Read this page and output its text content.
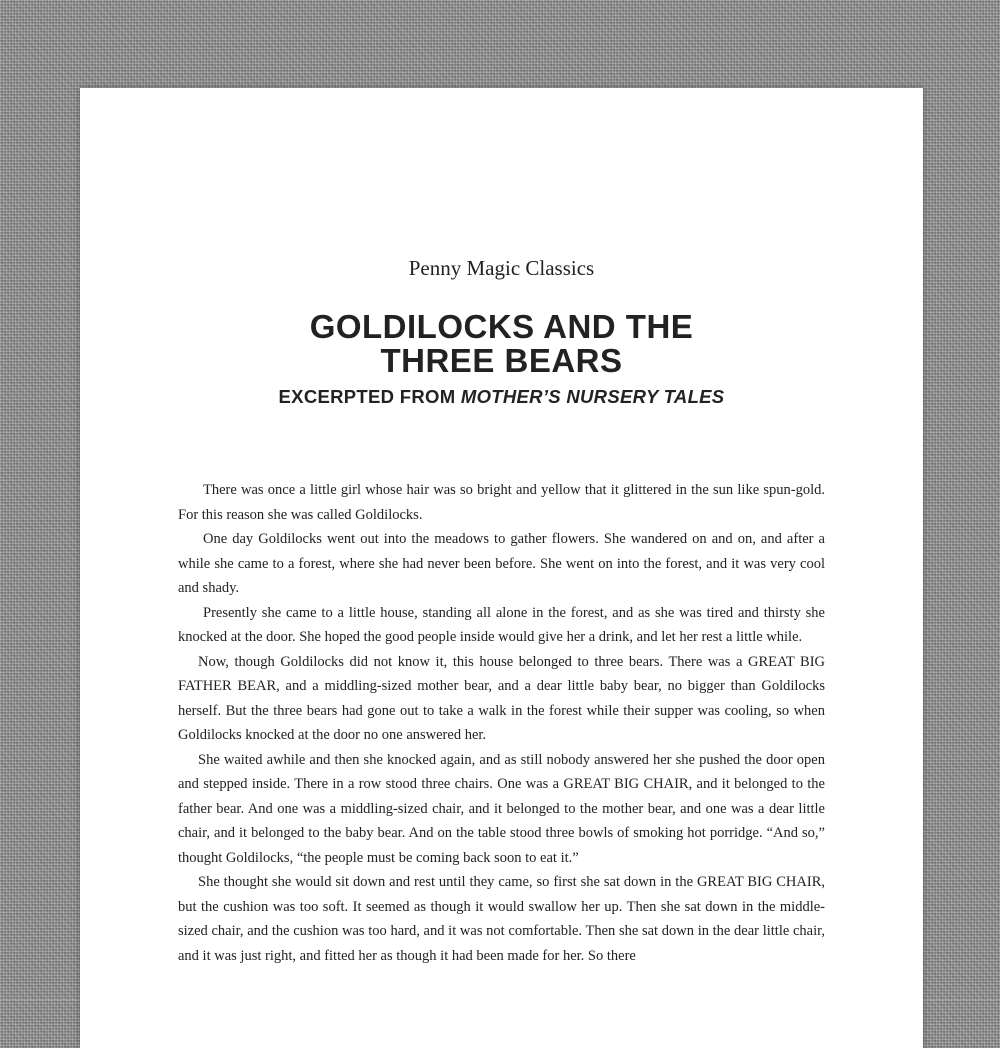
Penny Magic Classics
GOLDILOCKS AND THE
THREE BEARS
EXCERPTED FROM MOTHER’S NURSERY TALES

There was once a little girl whose hair was so bright and yellow that it glittered in the sun like spun-gold. For this reason she was called Goldilocks.

One day Goldilocks went out into the meadows to gather flowers. She wandered on and on, and after a while she came to a forest, where she had never been before. She went on into the forest, and it was very cool and shady.

Presently she came to a little house, standing all alone in the forest, and as she was tired and thirsty she knocked at the door. She hoped the good people inside would give her a drink, and let her rest a little while.

Now, though Goldilocks did not know it, this house belonged to three bears. There was a GREAT BIG FATHER BEAR, and a middling-sized mother bear, and a dear little baby bear, no bigger than Goldilocks herself. But the three bears had gone out to take a walk in the forest while their supper was cooling, so when Goldilocks knocked at the door no one answered her.

She waited awhile and then she knocked again, and as still nobody answered her she pushed the door open and stepped inside. There in a row stood three chairs. One was a GREAT BIG CHAIR, and it belonged to the father bear. And one was a middling-sized chair, and it belonged to the mother bear, and one was a dear little chair, and it belonged to the baby bear. And on the table stood three bowls of smoking hot porridge. “And so,” thought Goldilocks, “the people must be coming back soon to eat it.”

She thought she would sit down and rest until they came, so first she sat down in the GREAT BIG CHAIR, but the cushion was too soft. It seemed as though it would swallow her up. Then she sat down in the middle-sized chair, and the cushion was too hard, and it was not comfortable. Then she sat down in the dear little chair, and it was just right, and fitted her as though it had been made for her. So there
